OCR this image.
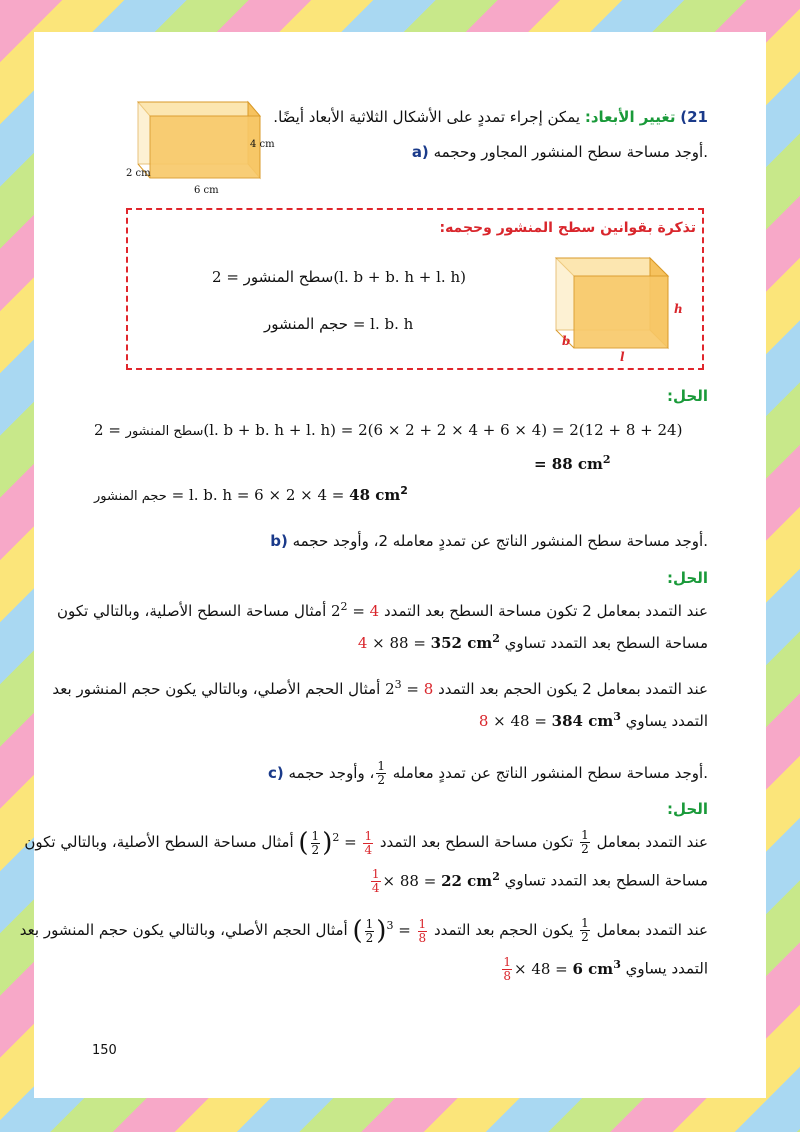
4 cm
2 cm
6 cm
21) تغيير الأبعاد: يمكن إجراء تمددٍ على الأشكال الثلاثية الأبعاد أيضًا.
a) أوجد مساحة سطح المنشور المجاور وحجمه.
تذكرة بقوانين سطح المنشور وحجمه:
سطح المنشور = 2(l. b + b. h + l. h)
حجم المنشور = l. b. h
h
b
l
الحل:
سطح المنشور = 2(l. b + b. h + l. h) = 2(6 × 2 + 2 × 4 + 6 × 4) = 2(12 + 8 + 24)
= 88 $cm^2$
حجم المنشور = l. b. h = 6 × 2 × 4 = 48 $cm^2$
b) أوجد مساحة سطح المنشور الناتج عن تمددٍ معامله 2، وأوجد حجمه.
الحل:
عند التمدد بمعامل 2 تكون مساحة السطح بعد التمدد $2^2 = 4$ أمثال مساحة السطح الأصلية، وبالتالي تكون
مساحة السطح بعد التمدد تساوي 4 × 88 = 352 $cm^2$
عند التمدد بمعامل 2 يكون الحجم بعد التمدد $2^3 = 8$ أمثال الحجم الأصلي، وبالتالي يكون حجم المنشور بعد
التمدد يساوي 8 × 48 = 384 $cm^3$
c)	أوجد مساحة سطح المنشور الناتج عن تمددٍ معامله
$\frac{1}{2}$
، وأوجد حجمه.
الحل:
عند التمدد بمعامل
$\frac{1}{2}$
تكون مساحة السطح بعد التمدد ( $\frac{1}{2} )^2 = \frac{1}{4}$
أمثال مساحة السطح الأصلية، وبالتالي تكون
مساحة السطح بعد التمدد تساوي
$\frac{1}{4} \times 88 = 22$ $cm^2$
عند التمدد بمعامل
$\frac{1}{2}$
يكون الحجم بعد التمدد ( $\frac{1}{2} )^3 = \frac{1}{8}$
أمثال الحجم الأصلي، وبالتالي يكون حجم المنشور بعد
التمدد يساوي
$\frac{1}{8} \times 48 = 6$ $cm^3$
150
